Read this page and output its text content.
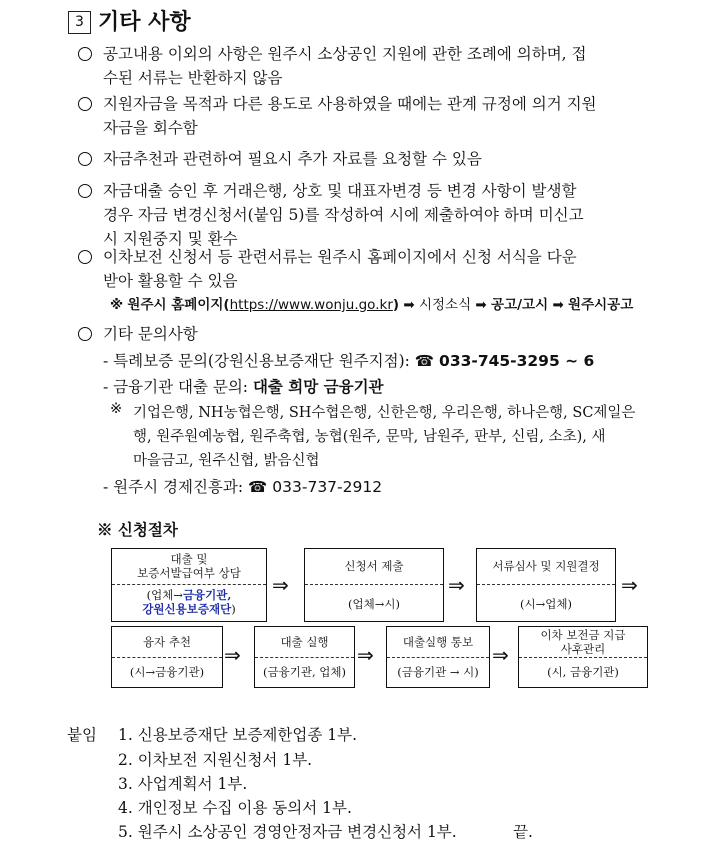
3 기타 사항
공고내용 이외의 사항은 원주시 소상공인 지원에 관한 조례에 의하며, 접
수된 서류는 반환하지 않음
지원자금을 목적과 다른 용도로 사용하였을 때에는 관계 규정에 의거 지원
자금을 회수함
자금추천과 관련하여 필요시 추가 자료를 요청할 수 있음
자금대출 승인 후 거래은행, 상호 및 대표자변경 등 변경 사항이 발생할
경우 자금 변경신청서(붙임 5)를 작성하여 시에 제출하여야 하며 미신고
시 지원중지 및 환수
이차보전 신청서 등 관련서류는 원주시 홈페이지에서 신청 서식을 다운
받아 활용할 수 있음
※ 원주시 홈페이지(https://www.wonju.go.kr) ➡ 시정소식 ➡ 공고/고시 ➡ 원주시공고
기타 문의사항
- 특례보증 문의(강원신용보증재단 원주지점): ☎ 033-745-3295 ~ 6
- 금융기관 대출 문의: 대출 희망 금융기관
※ 기업은행, NH농협은행, SH수협은행, 신한은행, 우리은행, 하나은행, SC제일은
행, 원주원예농협, 원주축협, 농협(원주, 문막, 남원주, 판부, 신림, 소초), 새
마을금고, 원주신협, 밝음신협
- 원주시 경제진흥과: ☎ 033-737-2912
※ 신청절차
대출 및
보증서발급여부 상담
(업체→금융기관,
강원신용보증재단)
⇒
신청서 제출
(업체→시)
⇒
서류심사 및 지원결정
(시→업체)
⇒
융자 추천
(시→금융기관)
⇒
대출 실행
(금융기관, 업체)
⇒
대출실행 통보
(금융기관 → 시)
⇒
이차 보전금 지급
사후관리
(시, 금융기관)
붙임 1. 신용보증재단 보증제한업종 1부.
2. 이차보전 지원신청서 1부.
3. 사업계획서 1부.
4. 개인정보 수집 이용 동의서 1부.
5. 원주시 소상공인 경영안정자금 변경신청서 1부.	끝.
